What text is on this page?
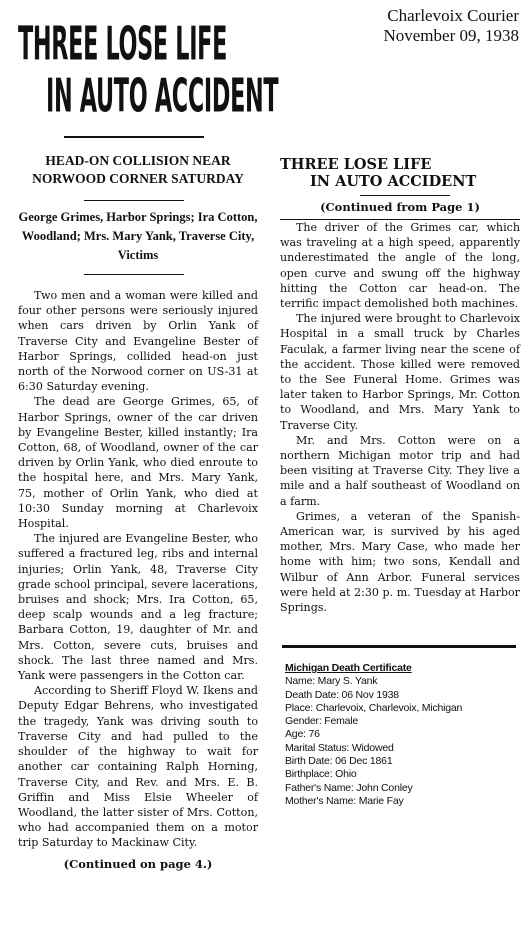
Charlevoix Courier
November 09, 1938
THREE LOSE LIFE
IN AUTO ACCIDENT
HEAD-ON COLLISION NEAR NORWOOD CORNER SATURDAY
George Grimes, Harbor Springs; Ira Cotton, Woodland; Mrs. Mary Yank, Traverse City, Victims

Two men and a woman were killed and four other persons were seriously injured when cars driven by Orlin Yank of Traverse City and Evangeline Bester of Harbor Springs, collided head-on just north of the Norwood corner on US-31 at 6:30 Saturday evening.

The dead are George Grimes, 65, of Harbor Springs, owner of the car driven by Evangeline Bester, killed instantly; Ira Cotton, 68, of Woodland, owner of the car driven by Orlin Yank, who died enroute to the hospital here, and Mrs. Mary Yank, 75, mother of Orlin Yank, who died at 10:30 Sunday morning at Charlevoix Hospital.

The injured are Evangeline Bester, who suffered a fractured leg, ribs and internal injuries; Orlin Yank, 48, Traverse City grade school principal, severe lacerations, bruises and shock; Mrs. Ira Cotton, 65, deep scalp wounds and a leg fracture; Barbara Cotton, 19, daughter of Mr. and Mrs. Cotton, severe cuts, bruises and shock. The last three named and Mrs. Yank were passengers in the Cotton car.

According to Sheriff Floyd W. Ikens and Deputy Edgar Behrens, who investigated the tragedy, Yank was driving south to Traverse City and had pulled to the shoulder of the highway to wait for another car containing Ralph Horning, Traverse City, and Rev. and Mrs. E. B. Griffin and Miss Elsie Wheeler of Woodland, the latter sister of Mrs. Cotton, who had accompanied them on a motor trip Saturday to Mackinaw City.

(Continued on page 4.)
THREE LOSE LIFE
IN AUTO ACCIDENT
(Continued from Page 1)

The driver of the Grimes car, which was traveling at a high speed, apparently underestimated the angle of the long, open curve and swung off the highway hitting the Cotton car head-on. The terrific impact demolished both machines.

The injured were brought to Charlevoix Hospital in a small truck by Charles Faculak, a farmer living near the scene of the accident. Those killed were removed to the See Funeral Home. Grimes was later taken to Harbor Springs, Mr. Cotton to Woodland, and Mrs. Mary Yank to Traverse City.

Mr. and Mrs. Cotton were on a northern Michigan motor trip and had been visiting at Traverse City. They live a mile and a half southeast of Woodland on a farm.

Grimes, a veteran of the Spanish-American war, is survived by his aged mother, Mrs. Mary Case, who made her home with him; two sons, Kendall and Wilbur of Ann Arbor. Funeral services were held at 2:30 p. m. Tuesday at Harbor Springs.

Michigan Death Certificate
Name: Mary S. Yank
Death Date: 06 Nov 1938
Place: Charlevoix, Charlevoix, Michigan
Gender: Female
Age: 76
Marital Status: Widowed
Birth Date: 06 Dec 1861
Birthplace: Ohio
Father's Name: John Conley
Mother's Name: Marie Fay
